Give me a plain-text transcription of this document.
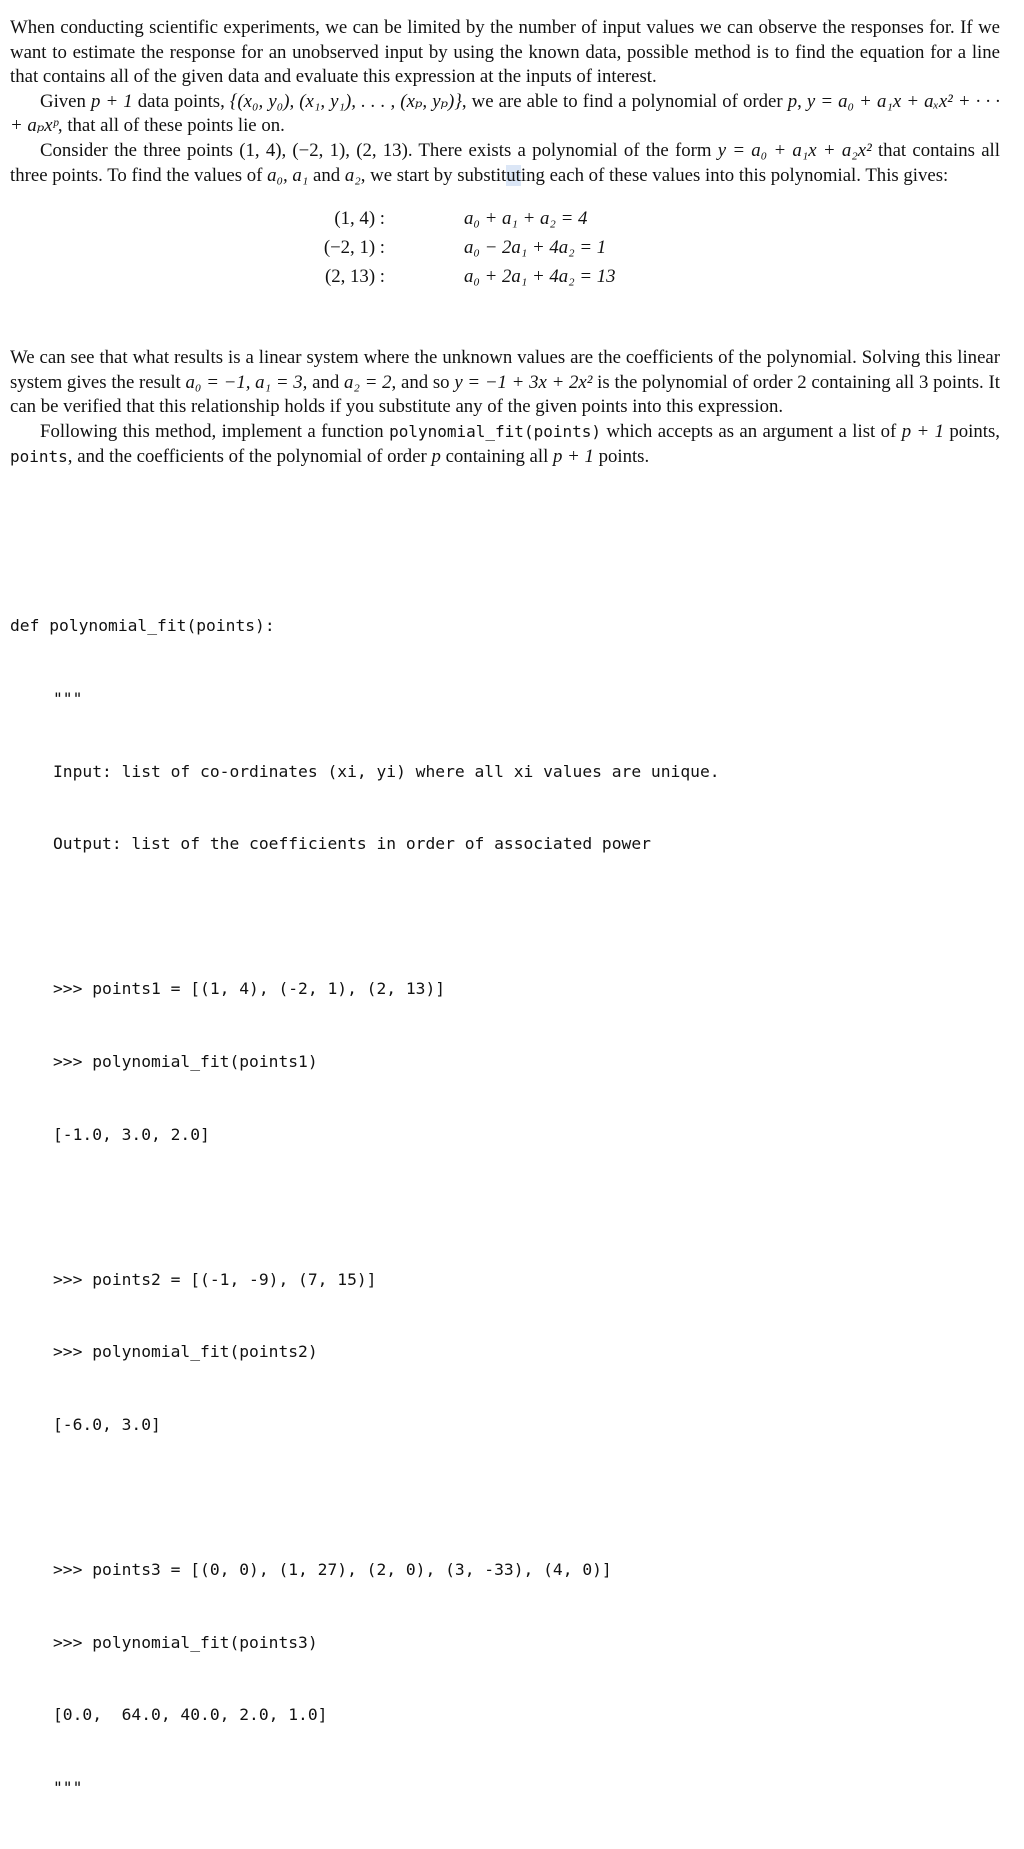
When conducting scientific experiments, we can be limited by the number of input values we can observe the responses for. If we want to estimate the response for an unobserved input by using the known data, possible method is to find the equation for a line that contains all of the given data and evaluate this expression at the inputs of interest.

Given p + 1 data points, {(x₀, y₀), (x₁, y₁), . . . , (xₚ, yₚ)}, we are able to find a polynomial of order p, y = a₀ + a₁x + aₓx² + · · · + aₚxᵖ, that all of these points lie on.

Consider the three points (1, 4), (−2, 1), (2, 13). There exists a polynomial of the form y = a₀ + a₁x + a₂x² that contains all three points. To find the values of a₀, a₁ and a₂, we start by substituting each of these values into this polynomial. This gives:

(1, 4) :	a₀ + a₁ + a₂ = 4
(−2, 1) :	a₀ − 2a₁ + 4a₂ = 1
(2, 13) :	a₀ + 2a₁ + 4a₂ = 13

We can see that what results is a linear system where the unknown values are the coefficients of the polynomial. Solving this linear system gives the result a₀ = −1, a₁ = 3, and a₂ = 2, and so y = −1 + 3x + 2x² is the polynomial of order 2 containing all 3 points. It can be verified that this relationship holds if you substitute any of the given points into this expression.

Following this method, implement a function polynomial_fit(points) which accepts as an argument a list of p + 1 points, points, and the coefficients of the polynomial of order p containing all p + 1 points.

def polynomial_fit(points):

"""

Input: list of co-ordinates (xi, yi) where all xi values are unique.

Output: list of the coefficients in order of associated power

>>> points1 = [(1, 4), (-2, 1), (2, 13)]

>>> polynomial_fit(points1)

[-1.0, 3.0, 2.0]

>>> points2 = [(-1, -9), (7, 15)]

>>> polynomial_fit(points2)

[-6.0, 3.0]

>>> points3 = [(0, 0), (1, 27), (2, 0), (3, -33), (4, 0)]

>>> polynomial_fit(points3)

[0.0,  64.0, 40.0, 2.0, 1.0]

"""
